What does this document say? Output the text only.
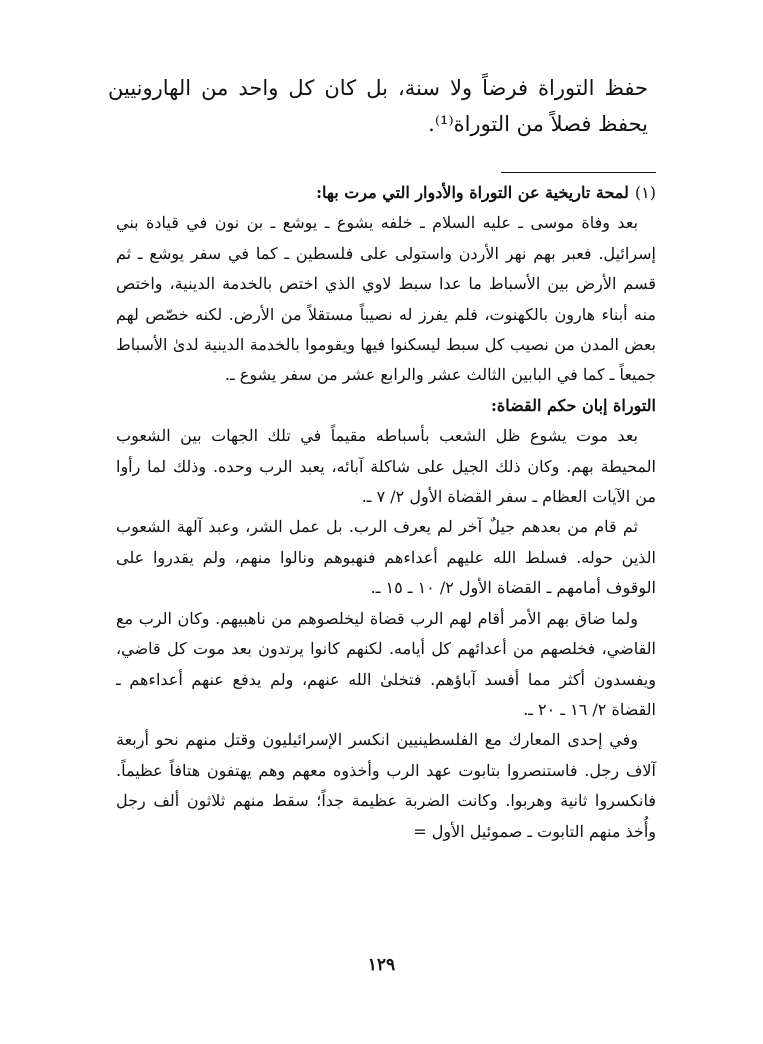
حفظ التوراة فرضاً ولا سنة، بل كان كل واحد من الهارونيين يحفظ فصلاً من التوراة⁽¹⁾.

(١)لمحة تاريخية عن التوراة والأدوار التي مرت بها:

بعد وفاة موسى ـ عليه السلام ـ خلفه يشوع ـ يوشع ـ بن نون في قيادة بني إسرائيل. فعبر بهم نهر الأردن واستولى على فلسطين ـ كما في سفر يوشع ـ ثم قسم الأرض بين الأسباط ما عدا سبط لاوي الذي اختص بالخدمة الدينية، واختص منه أبناء هارون بالكهنوت، فلم يفرز له نصيباً مستقلاً من الأرض. لكنه خصّص لهم بعض المدن من نصيب كل سبط ليسكنوا فيها ويقوموا بالخدمة الدينية لدىٰ الأسباط جميعاً ـ كما في البابين الثالث عشر والرابع عشر من سفر يشوع ـ.

التوراة إبان حكم القضاة:

بعد موت يشوع ظل الشعب بأسباطه مقيماً في تلك الجهات بين الشعوب المحيطة بهم. وكان ذلك الجيل على شاكلة آبائه، يعبد الرب وحده. وذلك لما رأوا من الآيات العظام ـ سفر القضاة الأول ٢/ ٧ ـ.

ثم قام من بعدهم جيلٌ آخر لم يعرف الرب. بل عمل الشر، وعبد آلهة الشعوب الذين حوله. فسلط الله عليهم أعداءهم فنهبوهم ونالوا منهم، ولم يقدروا على الوقوف أمامهم ـ القضاة الأول ٢/ ١٠ ـ ١٥ ـ.

ولما ضاق بهم الأمر أقام لهم الرب قضاة ليخلصوهم من ناهبيهم. وكان الرب مع القاضي، فخلصهم من أعدائهم كل أيامه. لكنهم كانوا يرتدون بعد موت كل قاضي، ويفسدون أكثر مما أفسد آباؤهم. فتخلىٰ الله عنهم، ولم يدفع عنهم أعداءهم ـ القضاة ٢/ ١٦ ـ ٢٠ ـ.

وفي إحدى المعارك مع الفلسطينيين انكسر الإسرائيليون وقتل منهم نحو أربعة آلاف رجل. فاستنصروا بتابوت عهد الرب وأخذوه معهم وهم يهتفون هتافاً عظيماً. فانكسروا ثانية وهربوا. وكانت الضربة عظيمة جداً؛ سقط منهم ثلاثون ألف رجل وأُخذ منهم التابوت ـ صموئيل الأول =

١٢٩
